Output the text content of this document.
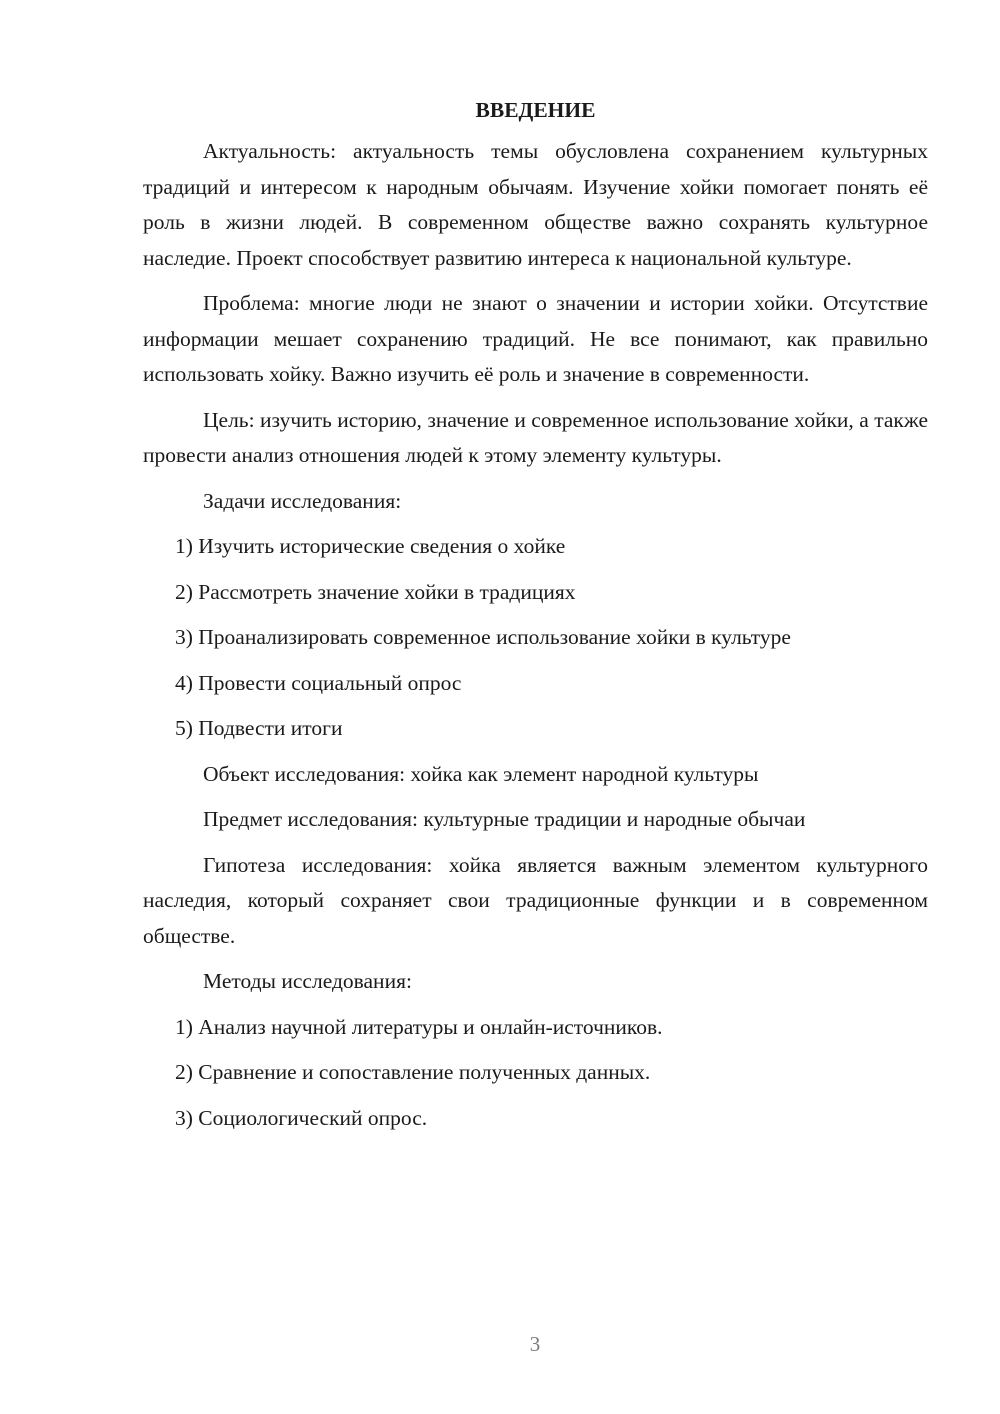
ВВЕДЕНИЕ

Актуальность: актуальность темы обусловлена сохранением культурных традиций и интересом к народным обычаям. Изучение хойки помогает понять её роль в жизни людей. В современном обществе важно сохранять культурное наследие. Проект способствует развитию интереса к национальной культуре.

Проблема: многие люди не знают о значении и истории хойки. Отсутствие информации мешает сохранению традиций. Не все понимают, как правильно использовать хойку. Важно изучить её роль и значение в современности.

Цель: изучить историю, значение и современное использование хойки, а также провести анализ отношения людей к этому элементу культуры.

Задачи исследования:
1) Изучить исторические сведения о хойке
2) Рассмотреть значение хойки в традициях
3) Проанализировать современное использование хойки в культуре
4) Провести социальный опрос
5) Подвести итоги
Объект исследования: хойка как элемент народной культуры
Предмет исследования: культурные традиции и народные обычаи

Гипотеза исследования: хойка является важным элементом культурного наследия, который сохраняет свои традиционные функции и в современном обществе.

Методы исследования:
1) Анализ научной литературы и онлайн-источников.
2) Сравнение и сопоставление полученных данных.
3) Социологический опрос.
3
